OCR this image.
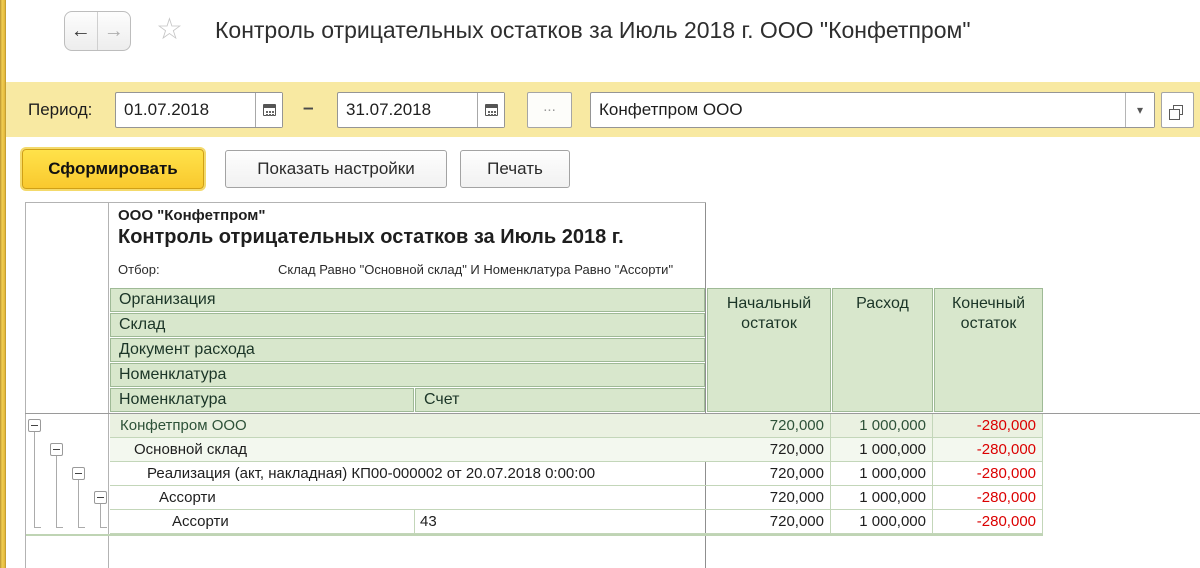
← → ☆ Контроль отрицательных остатков за Июль 2018 г. ООО "Конфетпром"
Период:
01.07.2018	–
31.07.2018	...
Конфетпром ООО	▾
Сформировать	Показать настройки	Печать
ООО "Конфетпром"
Контроль отрицательных остатков за Июль 2018 г.
Отбор:	Склад Равно "Основной склад" И Номенклатура Равно "Ассорти"
Организация
Склад
Документ расхода
Номенклатура
Номенклатура	Счет
Начальный остаток
Расход	Конечный остаток
Конфетпром ООО	720,000	1 000,000	-280,000
Основной склад	720,000	1 000,000	-280,000
Реализация (акт, накладная) КП00-000002 от 20.07.2018 0:00:00	720,000	1 000,000	-280,000
Ассорти	720,000	1 000,000	-280,000
Ассорти	43	720,000	1 000,000	-280,000
